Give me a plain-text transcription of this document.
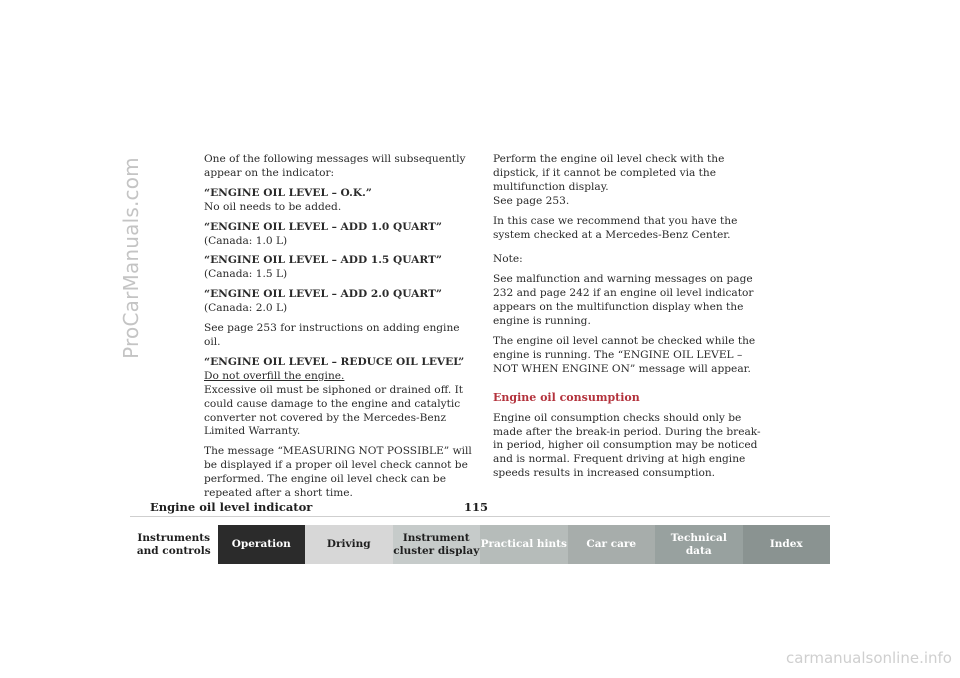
ProCarManuals.com	One of the following messages will subsequently appear on the indicator:

“ENGINE OIL LEVEL – O.K.”
No oil needs to be added.

“ENGINE OIL LEVEL – ADD 1.0 QUART”
(Canada: 1.0 L)

“ENGINE OIL LEVEL – ADD 1.5 QUART”
(Canada: 1.5 L)

“ENGINE OIL LEVEL – ADD 2.0 QUART”
(Canada: 2.0 L)

See page 253 for instructions on adding engine oil.

“ENGINE OIL LEVEL – REDUCE OIL LEVEL”
Do not overfill the engine.
Excessive oil must be siphoned or drained off. It could cause damage to the engine and catalytic converter not covered by the Mercedes-Benz Limited Warranty.

The message “MEASURING NOT POSSIBLE” will be displayed if a proper oil level check cannot be performed. The engine oil level check can be repeated after a short time.

Perform the engine oil level check with the dipstick, if it cannot be completed via the multifunction display.
See page 253.

In this case we recommend that you have the system checked at a Mercedes-Benz Center.

Note:

See malfunction and warning messages on page 232 and page 242 if an engine oil level indicator appears on the multifunction display when the engine is running.

The engine oil level cannot be checked while the engine is running. The “ENGINE OIL LEVEL – NOT WHEN ENGINE ON” message will appear.

Engine oil consumption

Engine oil consumption checks should only be made after the break-in period. During the break-in period, higher oil consumption may be noticed and is normal. Frequent driving at high engine speeds results in increased consumption.

Engine oil level indicator	115
Instruments
and controls
Operation	Driving
Instrument
cluster display
Practical hints	Car care
Technical
data
Index
carmanualsonline.info
